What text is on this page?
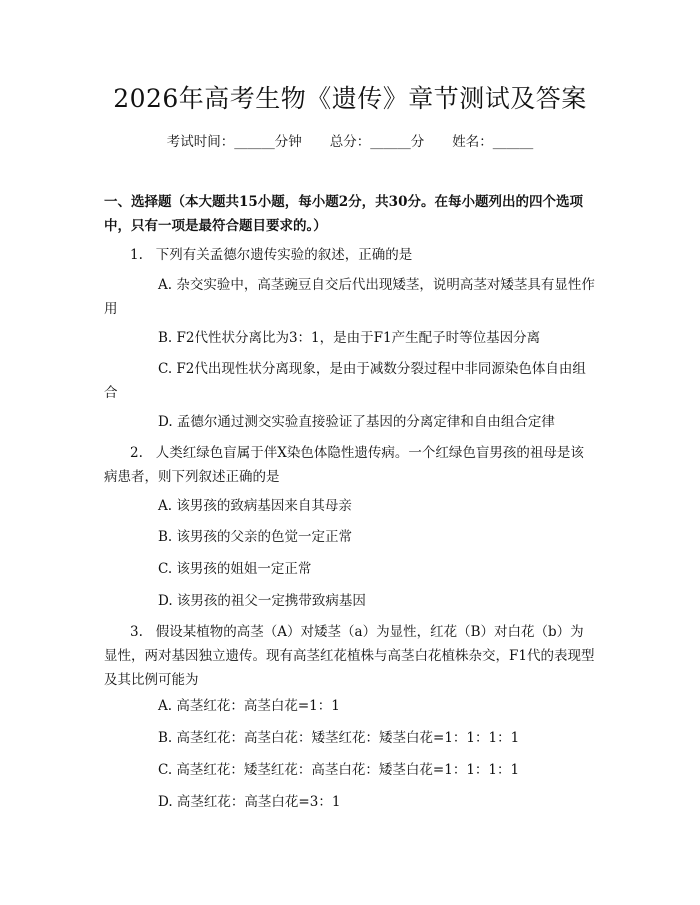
2026年高考生物《遗传》章节测试及答案
考试时间：______分钟 总分：______分 姓名：______
一、选择题（本大题共15小题，每小题2分，共30分。在每小题列出的四个选项中，只有一项是最符合题目要求的。）
1. 下列有关孟德尔遗传实验的叙述，正确的是
A. 杂交实验中，高茎豌豆自交后代出现矮茎，说明高茎对矮茎具有显性作用
B. F2代性状分离比为3：1，是由于F1产生配子时等位基因分离
C. F2代出现性状分离现象，是由于减数分裂过程中非同源染色体自由组合
D. 孟德尔通过测交实验直接验证了基因的分离定律和自由组合定律
2. 人类红绿色盲属于伴X染色体隐性遗传病。一个红绿色盲男孩的祖母是该病患者，则下列叙述正确的是
A. 该男孩的致病基因来自其母亲
B. 该男孩的父亲的色觉一定正常
C. 该男孩的姐姐一定正常
D. 该男孩的祖父一定携带致病基因
3. 假设某植物的高茎（A）对矮茎（a）为显性，红花（B）对白花（b）为显性，两对基因独立遗传。现有高茎红花植株与高茎白花植株杂交，F1代的表现型及其比例可能为
A. 高茎红花：高茎白花=1：1
B. 高茎红花：高茎白花：矮茎红花：矮茎白花=1：1：1：1
C. 高茎红花：矮茎红花：高茎白花：矮茎白花=1：1：1：1
D. 高茎红花：高茎白花=3：1
